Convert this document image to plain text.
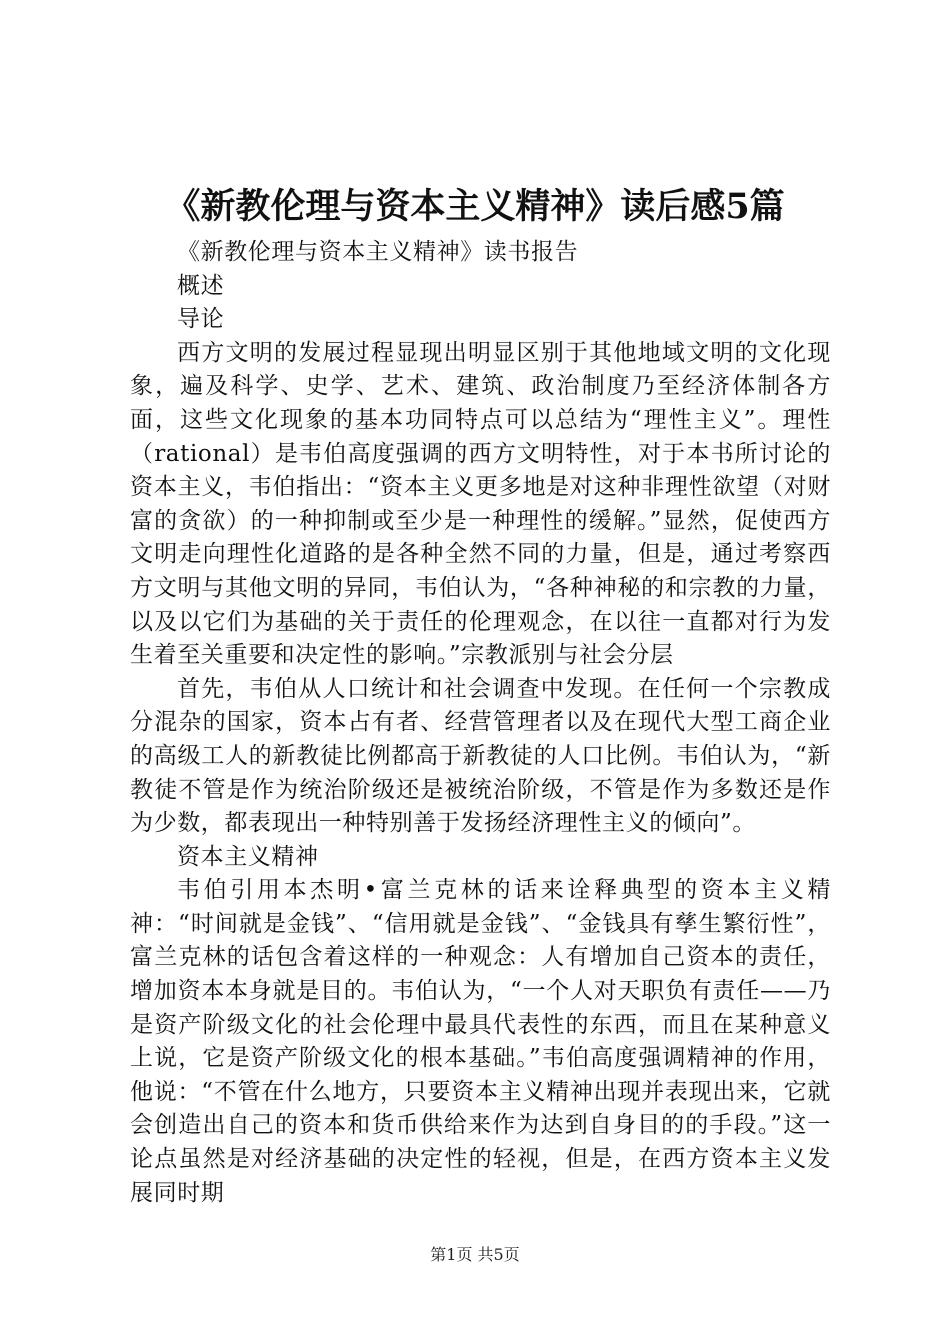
《新教伦理与资本主义精神》读后感5篇

《新教伦理与资本主义精神》读书报告

概述

导论

西方文明的发展过程显现出明显区别于其他地域文明的文化现象，遍及科学、史学、艺术、建筑、政治制度乃至经济体制各方面，这些文化现象的基本功同特点可以总结为“理性主义”。理性（rational）是韦伯高度强调的西方文明特性，对于本书所讨论的资本主义，韦伯指出：“资本主义更多地是对这种非理性欲望（对财富的贪欲）的一种抑制或至少是一种理性的缓解。”显然，促使西方文明走向理性化道路的是各种全然不同的力量，但是，通过考察西方文明与其他文明的异同，韦伯认为，“各种神秘的和宗教的力量，以及以它们为基础的关于责任的伦理观念，在以往一直都对行为发生着至关重要和决定性的影响。”宗教派别与社会分层

首先，韦伯从人口统计和社会调查中发现。在任何一个宗教成分混杂的国家，资本占有者、经营管理者以及在现代大型工商企业的高级工人的新教徒比例都高于新教徒的人口比例。韦伯认为，“新教徒不管是作为统治阶级还是被统治阶级，不管是作为多数还是作为少数，都表现出一种特别善于发扬经济理性主义的倾向”。

资本主义精神

韦伯引用本杰明•富兰克林的话来诠释典型的资本主义精神：“时间就是金钱”、“信用就是金钱”、“金钱具有孳生繁衍性”，富兰克林的话包含着这样的一种观念：人有增加自己资本的责任，增加资本本身就是目的。韦伯认为，“一个人对天职负有责任——乃是资产阶级文化的社会伦理中最具代表性的东西，而且在某种意义上说，它是资产阶级文化的根本基础。”韦伯高度强调精神的作用，他说：“不管在什么地方，只要资本主义精神出现并表现出来，它就会创造出自己的资本和货币供给来作为达到自身目的的手段。”这一论点虽然是对经济基础的决定性的轻视，但是，在西方资本主义发展同时期

第1页 共5页
